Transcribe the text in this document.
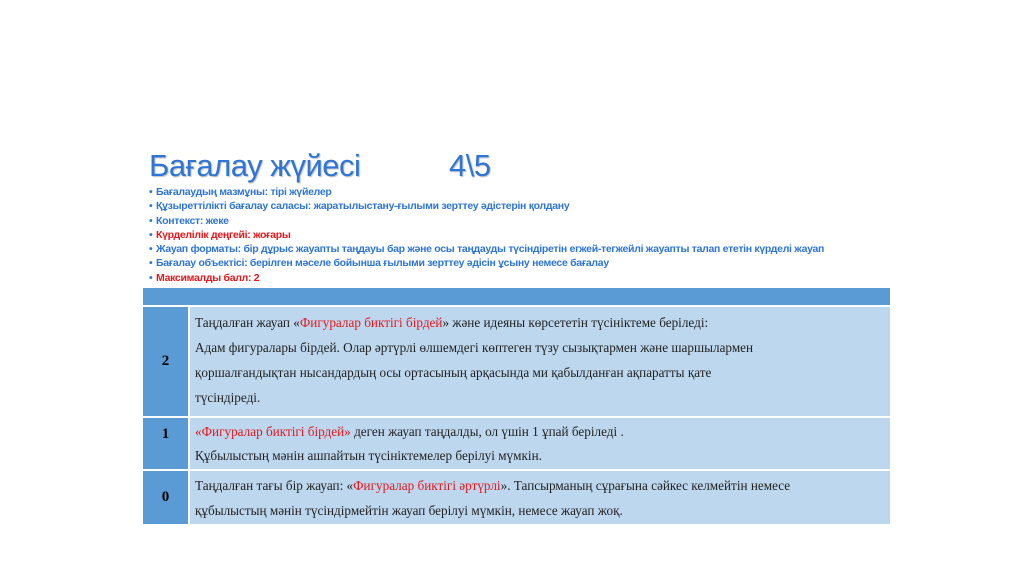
Бағалау жүйесі	4\5
• Бағалаудың мазмұны: тірі жүйелер
• Құзыреттілікті бағалау саласы: жаратылыстану-ғылыми зерттеу әдістерін қолдану
• Контекст: жеке
• Күрделілік деңгейі: жоғары
• Жауап форматы: бір дұрыс жауапты таңдауы бар және осы таңдауды түсіндіретін егжей-тегжейлі жауапты талап ететін күрделі жауап
• Бағалау объектісі: берілген мәселе бойынша ғылыми зерттеу әдісін ұсыну немесе бағалау
• Максималды балл: 2
2
Таңдалған жауап «Фигуралар биктігі бірдей» және идеяны көрсететін түсініктеме беріледі:
Адам фигуралары бірдей. Олар әртүрлі өлшемдегі көптеген түзу сызықтармен және шаршылармен
қоршалғандықтан нысандардың осы ортасының арқасында ми қабылданған ақпаратты қате
түсіндіреді.
1	«Фигуралар биктігі бірдей» деген жауап таңдалды, ол үшін 1 ұпай беріледі .
Құбылыстың мәнін ашпайтын түсініктемелер берілуі мүмкін.
0
Таңдалған тағы бір жауап: «Фигуралар биктігі әртүрлі». Тапсырманың сұрағына сәйкес келмейтін немесе
құбылыстың мәнін түсіндірмейтін жауап берілуі мүмкін, немесе жауап жоқ.
